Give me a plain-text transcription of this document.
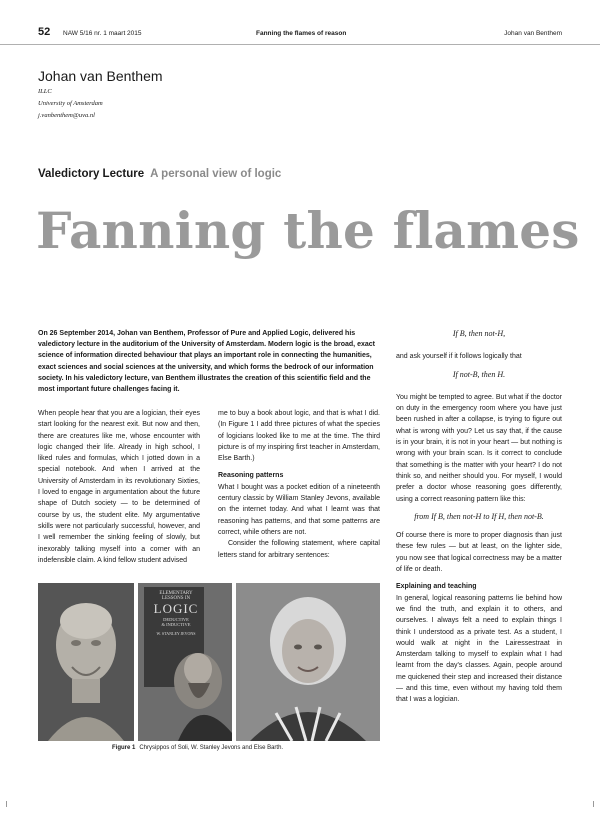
52 NAW 5/16 nr. 1 maart 2015	Fanning the flames of reason	Johan van Benthem
Johan van Benthem
ILLC
University of Amsterdam
j.vanbenthem@uva.nl
Valedictory Lecture A personal view of logic
Fanning the flames
On 26 September 2014, Johan van Benthem, Professor of Pure and Applied Logic, delivered his valedictory lecture in the auditorium of the University of Amsterdam. Modern logic is the broad, exact science of information directed behaviour that plays an important role in connecting the humanities, exact sciences and social sciences at the university, and which forms the bedrock of our information society. In his valedictory lecture, van Benthem illustrates the creation of this scientific field and the most important future challenges facing it.

When people hear that you are a logician, their eyes start looking for the nearest exit. But now and then, there are creatures like me, whose encounter with logic changed their life. Already in high school, I liked rules and formulas, which I jotted down in a special notebook. And when I arrived at the University of Amsterdam in its revolutionary Sixties, I loved to engage in argumentation about the future shape of Dutch society — to be determined of course by us, the student elite. My argumentative skills were not particularly successful, however, and I well remember the sinking feeling of slowly, but inexorably talking myself into a corner with an indefensible claim. A kind fellow student advised

me to buy a book about logic, and that is what I did. (In Figure 1 I add three pictures of what the species of logicians looked like to me at the time. The third picture is of my inspiring first teacher in Amsterdam, Else Barth.)

Reasoning patterns

What I bought was a pocket edition of a nineteenth century classic by William Stanley Jevons, available on the internet today. And what I learnt was that reasoning has patterns, and that some patterns are correct, while others are not.

Consider the following statement, where capital letters stand for arbitrary sentences:

If B, then not-H,

and ask yourself if it follows logically that

If not-B, then H.

You might be tempted to agree. But what if the doctor on duty in the emergency room where you have just been rushed in after a collapse, is trying to figure out what is wrong with you? Let us say that, if the cause is in your brain, it is not in your heart — but nothing is wrong with your brain scan. Is it correct to conclude that something is the matter with your heart? I do not think so, and neither should you. For myself, I would prefer a doctor whose reasoning goes differently, using a correct reasoning pattern like this:

from If B, then not-H to If H, then not-B.

Of course there is more to proper diagnosis than just these few rules — but at least, on the lighter side, you now see that logical correctness may be a matter of life or death.

Explaining and teaching

In general, logical reasoning patterns lie behind how we find the truth, and explain it to others, and ourselves. I always felt a need to explain things I think I understood as a private test. As a student, I would walk at night in the Lairessestraat in Amsterdam talking to myself to explain what I had learnt from the day's classes. Again, people around me quickened their step and increased their distance — and this time, even without my having told them that I was a logician.

ELEMENTARY
LESSONS IN
LOGIC
DEDUCTIVE
& INDUCTIVE
W. STANLEY JEVONS
Figure 1 Chrysippos of Soli, W. Stanley Jevons and Else Barth.
